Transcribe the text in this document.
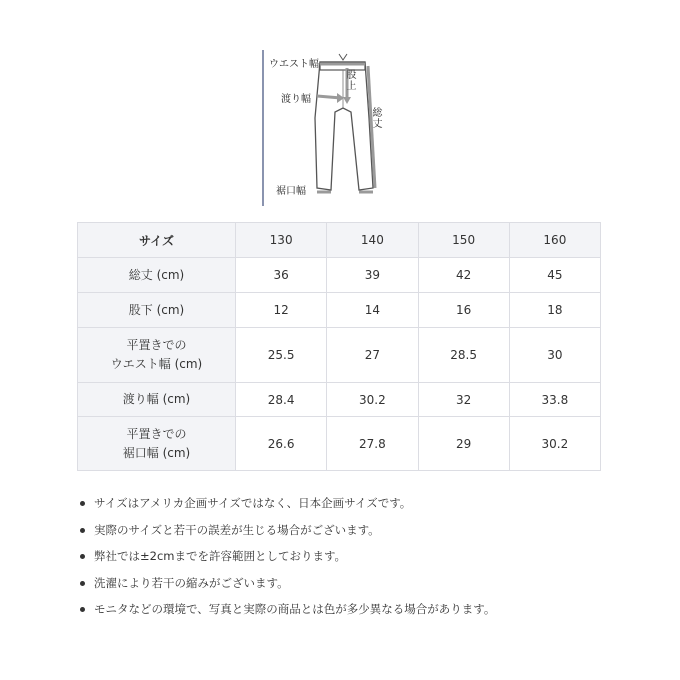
ウエスト幅
股上
渡り幅
総丈
裾口幅
サイズ	130	140	150	160

総丈 (cm)	36	39	42	45

股下 (cm)	12	14	16	18

平置きでの
ウエスト幅 (cm)	25.5	27	28.5	30

渡り幅 (cm)	28.4	30.2	32	33.8

平置きでの
裾口幅 (cm)	26.6	27.8	29	30.2
サイズはアメリカ企画サイズではなく、日本企画サイズです。
実際のサイズと若干の誤差が生じる場合がございます。
弊社では±2cmまでを許容範囲としております。
洗濯により若干の縮みがございます。
モニタなどの環境で、写真と実際の商品とは色が多少異なる場合があります。
